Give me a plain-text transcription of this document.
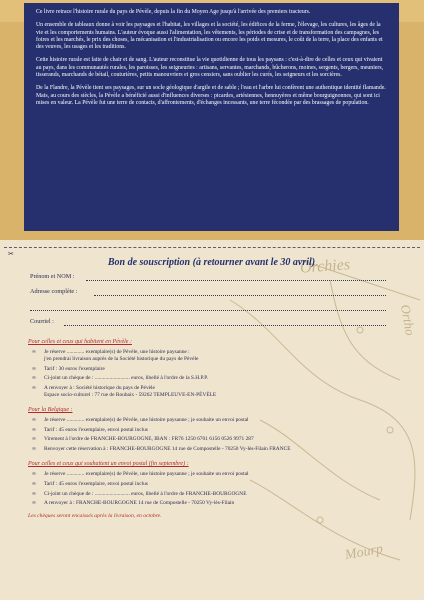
Orchies
Ortho
Mourp

Ce livre retrace l'histoire rurale du pays de Pévèle, depuis la fin du Moyen Age jusqu'à l'arrivée des premiers tracteurs.

Un ensemble de tableaux donne à voir les paysages et l'habitat, les villages et la société, les édifices de la ferme, l'élevage, les cultures, les âges de la vie et les comportements humains. L'auteur évoque aussi l'alimentation, les vêtements, les périodes de crise et de transformation des campagnes, les foires et les marchés, le prix des choses, la mécanisation et l'industrialisation ou encore les poids et mesures, le coût de la terre, la place des enfants et des veuves, les usages et les traditions.

Cette histoire rurale est faite de chair et de sang. L'auteur reconstitue la vie quotidienne de tous les paysans : c'est-à-dire de celles et ceux qui vivaient au pays, dans les communautés rurales, les paroisses, les seigneuries : artisans, servantes, marchands, bûcherons, moines, sergents, bergers, meuniers, tisserands, marchands de bétail, couturières, petits manouvriers et gros censiers, sans oublier les curés, les seigneurs et les sorcières.

De la Flandre, la Pévèle tient ses paysages, sur un socle géologique d'argile et de sable ; l'eau et l'arbre lui confèrent une authentique identité flamande. Mais, au cours des siècles, la Pévèle a bénéficié aussi d'influences diverses : picardes, artésiennes, hennuyères et même bourguignonnes, qui sont ici mises en valeur. La Pévèle fut une terre de contacts, d'affrontements, d'échanges incessants, une terre fécondée par des brassages de population.

✂
Bon de souscription (à retourner avant le 30 avril)
Prénom et NOM :
Adresse complète :
Courriel :
Pour celles et ceux qui habitent en Pévèle :
∞ Je réserve ............. exemplaire(s) de Pévèle, une histoire paysanne :
j'en prendrai livraison auprès de la Société historique du pays de Pévèle
∞ Tarif : 30 euros l'exemplaire
∞ Ci-joint un chèque de : .......................... euros, libellé à l'ordre de la S.H.P.P.
∞ A renvoyer à : Société historique du pays de Pévèle
Espace socio-culturel : 77 rue de Roubaix - 59262 TEMPLEUVE-EN-PÉVÈLE
Pour la Belgique :
∞ Je réserve ............. exemplaire(s) de Pévèle, une histoire paysanne ; je souhaite un envoi postal
∞ Tarif : 45 euros l'exemplaire, envoi postal inclus
∞ Virement à l'ordre de FRANCHE-BOURGOGNE, IBAN : FR76 1250 6701 6156 0526 9971 287
∞ Renvoyer cette réservation à : FRANCHE-BOURGOGNE 14 rue de Compostelle - 70250 Vy-lès-Filain FRANCE
Pour celles et ceux qui souhaitent un envoi postal (fin septembre) :
∞ Je réserve ............. exemplaire(s) de Pévèle, une histoire paysanne ; je souhaite un envoi postal
∞ Tarif : 45 euros l'exemplaire, envoi postal inclus
∞ Ci-joint un chèque de : .......................... euros, libellé à l'ordre de FRANCHE-BOURGOGNE
∞ A renvoyer à : FRANCHE-BOURGOGNE 14 rue de Compostelle - 70250 Vy-lès-Filain
Les chèques seront encaissés après la livraison, en octobre.
